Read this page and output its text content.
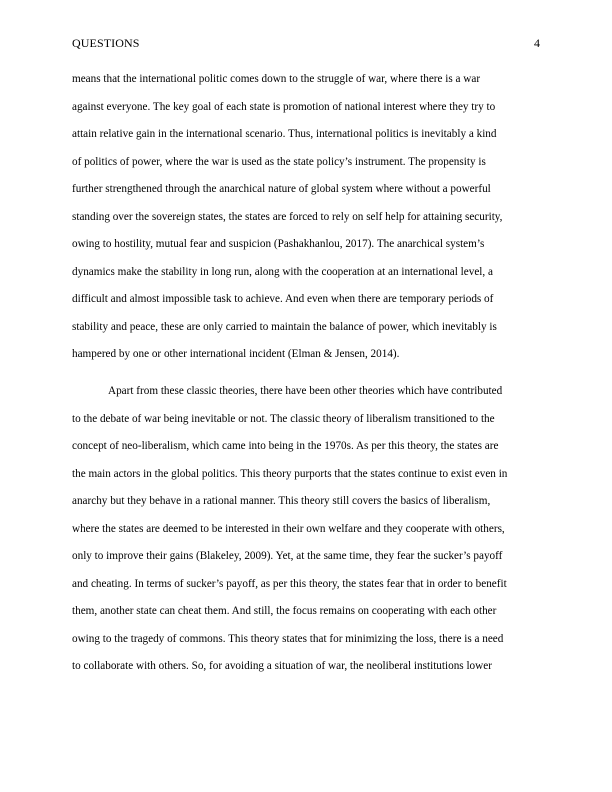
QUESTIONS	4

means that the international politic comes down to the struggle of war, where there is a war

against everyone. The key goal of each state is promotion of national interest where they try to

attain relative gain in the international scenario. Thus, international politics is inevitably a kind

of politics of power, where the war is used as the state policy’s instrument. The propensity is

further strengthened through the anarchical nature of global system where without a powerful

standing over the sovereign states, the states are forced to rely on self help for attaining security,

owing to hostility, mutual fear and suspicion (Pashakhanlou, 2017). The anarchical system’s

dynamics make the stability in long run, along with the cooperation at an international level, a

difficult and almost impossible task to achieve. And even when there are temporary periods of

stability and peace, these are only carried to maintain the balance of power, which inevitably is

hampered by one or other international incident (Elman & Jensen, 2014).

Apart from these classic theories, there have been other theories which have contributed

to the debate of war being inevitable or not. The classic theory of liberalism transitioned to the

concept of neo-liberalism, which came into being in the 1970s. As per this theory, the states are

the main actors in the global politics. This theory purports that the states continue to exist even in

anarchy but they behave in a rational manner. This theory still covers the basics of liberalism,

where the states are deemed to be interested in their own welfare and they cooperate with others,

only to improve their gains (Blakeley, 2009). Yet, at the same time, they fear the sucker’s payoff

and cheating. In terms of sucker’s payoff, as per this theory, the states fear that in order to benefit

them, another state can cheat them. And still, the focus remains on cooperating with each other

owing to the tragedy of commons. This theory states that for minimizing the loss, there is a need

to collaborate with others. So, for avoiding a situation of war, the neoliberal institutions lower
